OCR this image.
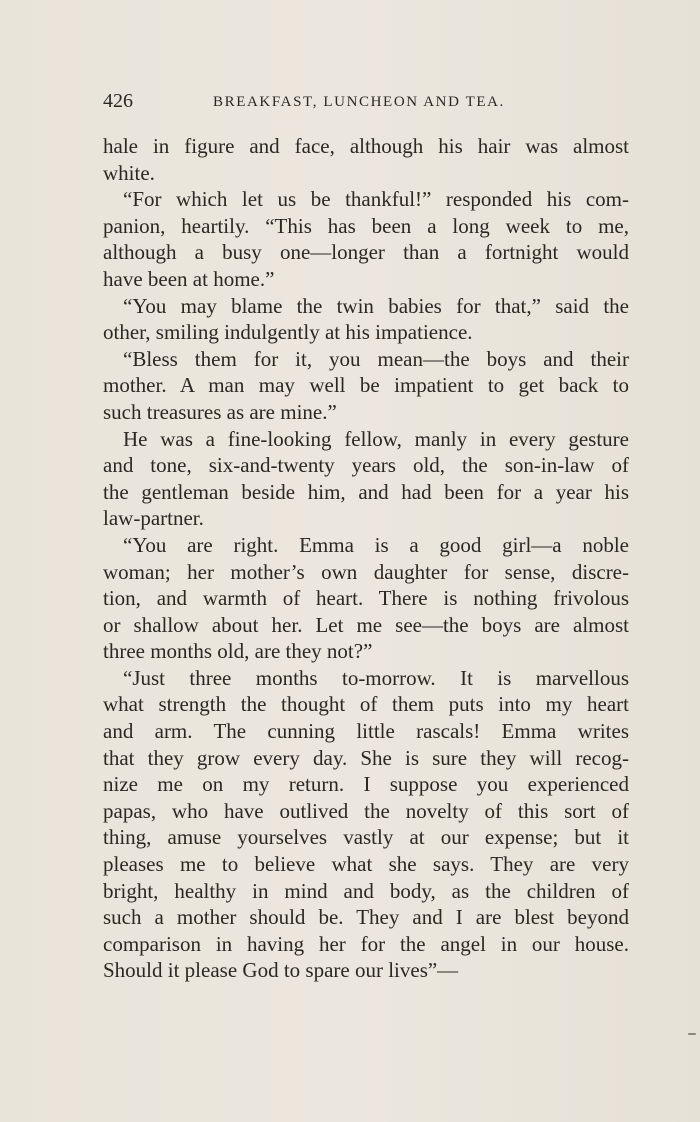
426	BREAKFAST, LUNCHEON AND TEA.
hale in figure and face, although his hair was almost
white.
“For which let us be thankful!” responded his com-
panion, heartily. “This has been a long week to me,
although a busy one—longer than a fortnight would
have been at home.”
“You may blame the twin babies for that,” said the
other, smiling indulgently at his impatience.
“Bless them for it, you mean—the boys and their
mother. A man may well be impatient to get back to
such treasures as are mine.”
He was a fine-looking fellow, manly in every gesture
and tone, six-and-twenty years old, the son-in-law of
the gentleman beside him, and had been for a year his
law-partner.
“You are right. Emma is a good girl—a noble
woman; her mother’s own daughter for sense, discre-
tion, and warmth of heart. There is nothing frivolous
or shallow about her. Let me see—the boys are almost
three months old, are they not?”
“Just three months to-morrow. It is marvellous
what strength the thought of them puts into my heart
and arm. The cunning little rascals! Emma writes
that they grow every day. She is sure they will recog-
nize me on my return. I suppose you experienced
papas, who have outlived the novelty of this sort of
thing, amuse yourselves vastly at our expense; but it
pleases me to believe what she says. They are very
bright, healthy in mind and body, as the children of
such a mother should be. They and I are blest beyond
comparison in having her for the angel in our house.
Should it please God to spare our lives”—
